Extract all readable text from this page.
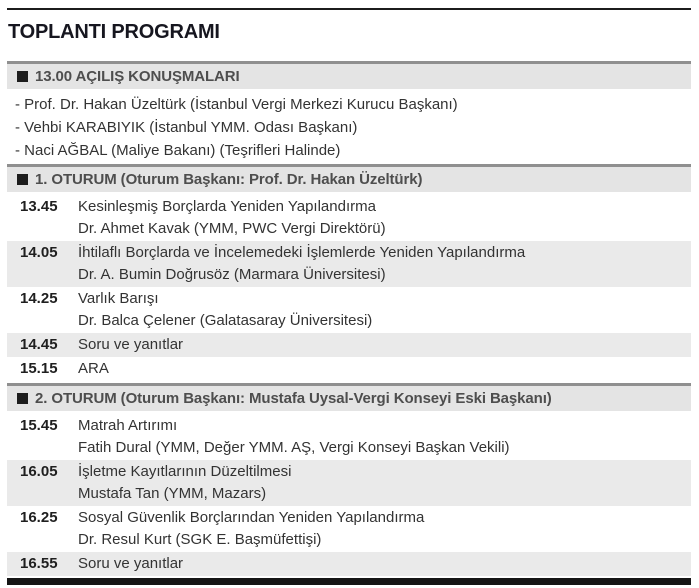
TOPLANTI PROGRAMI
13.00 AÇILIŞ KONUŞMALARI
- Prof. Dr. Hakan Üzeltürk (İstanbul Vergi Merkezi Kurucu Başkanı)
- Vehbi KARABIYIK (İstanbul YMM. Odası Başkanı)
- Naci AĞBAL (Maliye Bakanı) (Teşrifleri Halinde)
1. OTURUM (Oturum Başkanı: Prof. Dr. Hakan Üzeltürk)
13.45	Kesinleşmiş Borçlarda Yeniden Yapılandırma
Dr. Ahmet Kavak (YMM, PWC Vergi Direktörü)
14.05	İhtilaflı Borçlarda ve İncelemedeki İşlemlerde Yeniden Yapılandırma
Dr. A. Bumin Doğrusöz (Marmara Üniversitesi)
14.25	Varlık Barışı
Dr. Balca Çelener (Galatasaray Üniversitesi)
14.45	Soru ve yanıtlar
15.15	ARA
2. OTURUM (Oturum Başkanı: Mustafa Uysal-Vergi Konseyi Eski Başkanı)
15.45	Matrah Artırımı
Fatih Dural (YMM, Değer YMM. AŞ, Vergi Konseyi Başkan Vekili)
16.05	İşletme Kayıtlarının Düzeltilmesi
Mustafa Tan (YMM, Mazars)
16.25	Sosyal Güvenlik Borçlarından Yeniden Yapılandırma
Dr. Resul Kurt (SGK E. Başmüfettişi)
16.55	Soru ve yanıtlar
